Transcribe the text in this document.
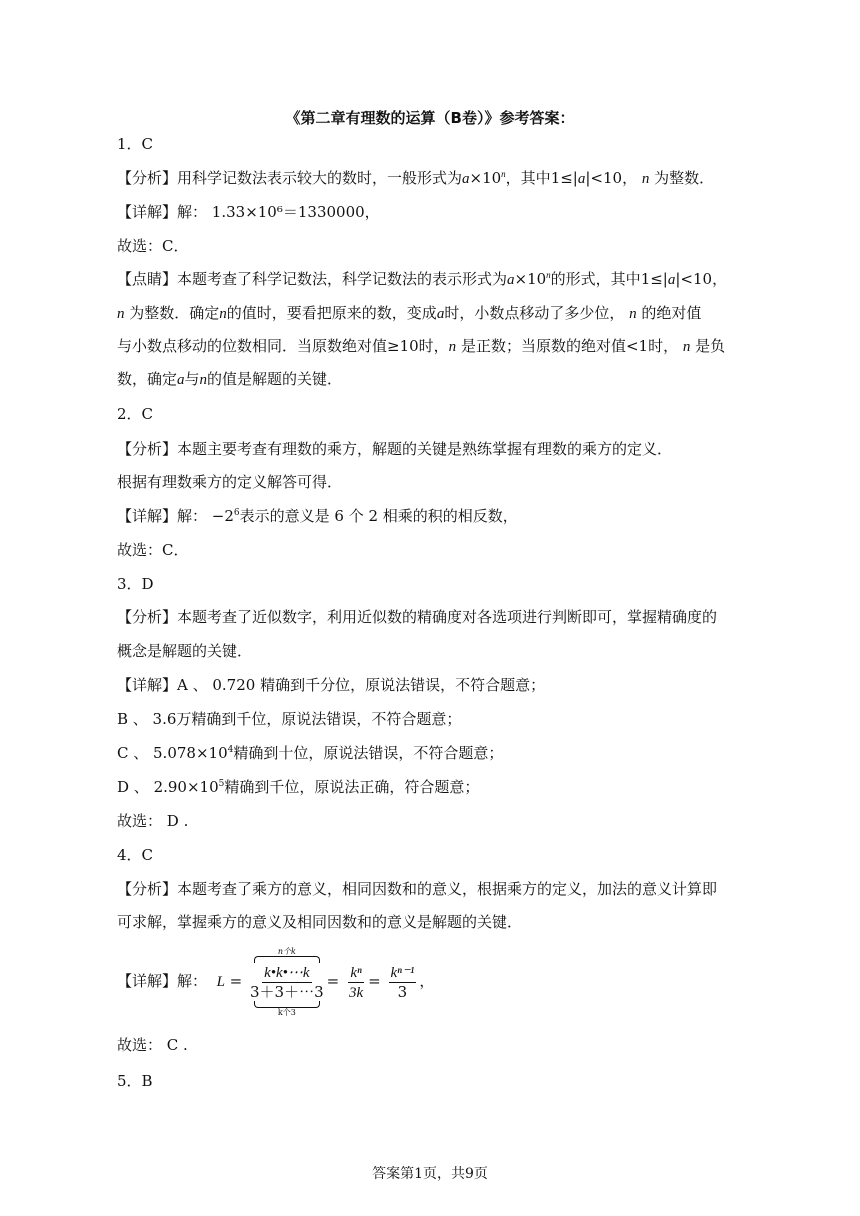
《第二章有理数的运算（B卷）》参考答案：
1．C
【分析】用科学记数法表示较大的数时，一般形式为$a\times 10^n$，其中1≤|a|<10， n 为整数．
【详解】解： 1.33×10⁶＝1330000，
故选：C．
【点睛】本题考查了科学记数法，科学记数法的表示形式为$a\times 10^n$的形式，其中1≤|a|<10，
n 为整数．确定n的值时，要看把原来的数，变成a时，小数点移动了多少位， n 的绝对值
与小数点移动的位数相同．当原数绝对值≥10时，n 是正数；当原数的绝对值<1时， n 是负
数，确定a与n的值是解题的关键．
2．C
【分析】本题主要考查有理数的乘方，解题的关键是熟练掌握有理数的乘方的定义．
根据有理数乘方的定义解答可得．
【详解】解： $-2^6$表示的意义是 6 个 2 相乘的积的相反数，
故选：C．
3．D
【分析】本题考查了近似数字，利用近似数的精确度对各选项进行判断即可，掌握精确度的
概念是解题的关键．
【详解】A 、 0.720 精确到千分位，原说法错误，不符合题意；
B 、 3.6万精确到千位，原说法错误，不符合题意；
C 、 $5.078\times 10^4$精确到十位，原说法错误，不符合题意；
D 、 $2.90\times 10^5$精确到千位，原说法正确，符合题意；
故选： D .
4．C
【分析】本题考查了乘方的意义，相同因数和的意义，根据乘方的定义，加法的意义计算即
可求解，掌握乘方的意义及相同因数和的意义是解题的关键．
【详解】解： L =
n个k
k•k•⋯k
3＋3＋⋯3
k个3
= $\frac{\text{kⁿ}}{3k} = \frac{\text{kⁿ⁻¹}}{3}$ ，
故选： C .
5．B
答案第1页，共9页
